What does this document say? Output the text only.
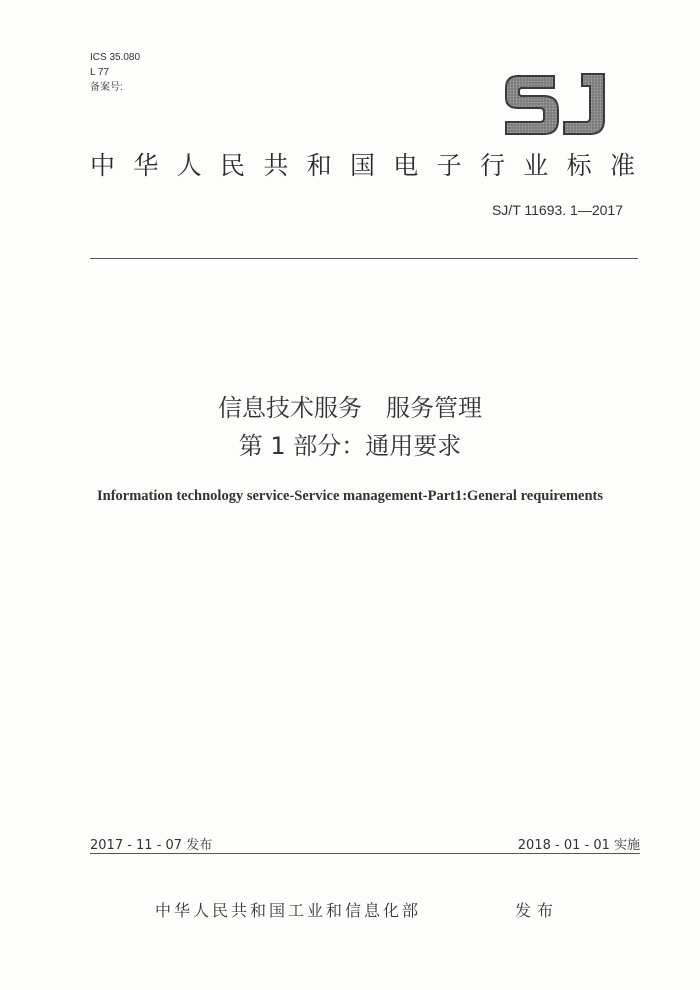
ICS 35.080
L 77
备案号:
中 华 人 民 共 和 国 电 子 行 业 标 准
SJ/T 11693. 1—2017
信息技术服务　服务管理
第 1 部分：通用要求
Information technology service-Service management-Part1:General requirements
2017 - 11 - 07 发布	2018 - 01 - 01 实施
中华人民共和国工业和信息化部	发布
